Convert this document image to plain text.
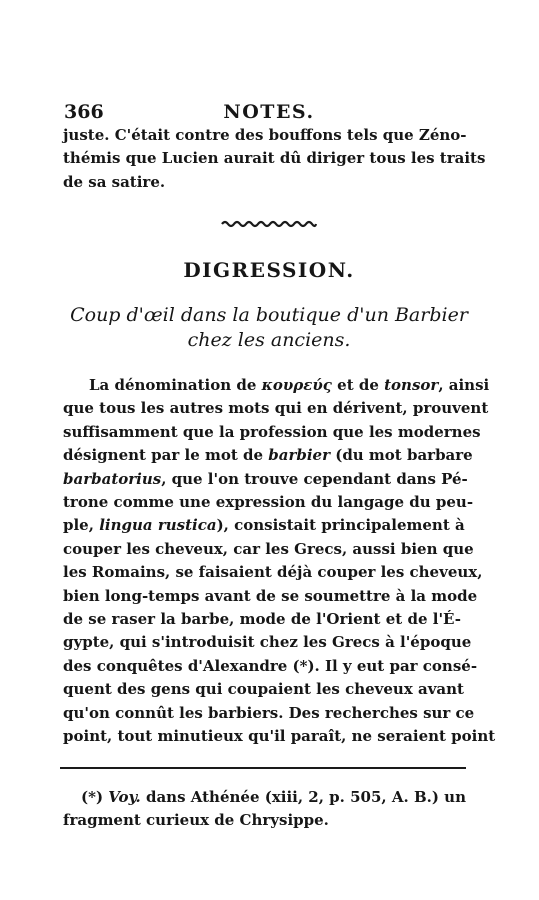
366	NOTES.
juste. C'était contre des bouffons tels que Zéno-
thémis que Lucien aurait dû diriger tous les traits
de sa satire.
DIGRESSION.
Coup d'œil dans la boutique d'un Barbier
chez les anciens.
La dénomination de κουρεύς et de tonsor, ainsi
que tous les autres mots qui en dérivent, prouvent
suffisamment que la profession que les modernes
désignent par le mot de barbier (du mot barbare
barbatorius, que l'on trouve cependant dans Pé-
trone comme une expression du langage du peu-
ple, lingua rustica), consistait principalement à
couper les cheveux, car les Grecs, aussi bien que
les Romains, se faisaient déjà couper les cheveux,
bien long-temps avant de se soumettre à la mode
de se raser la barbe, mode de l'Orient et de l'É-
gypte, qui s'introduisit chez les Grecs à l'époque
des conquêtes d'Alexandre (*). Il y eut par consé-
quent des gens qui coupaient les cheveux avant
qu'on connût les barbiers. Des recherches sur ce
point, tout minutieux qu'il paraît, ne seraient point
(*) Voy. dans Athénée (xiii, 2, p. 505, A. B.) un
fragment curieux de Chrysippe.
